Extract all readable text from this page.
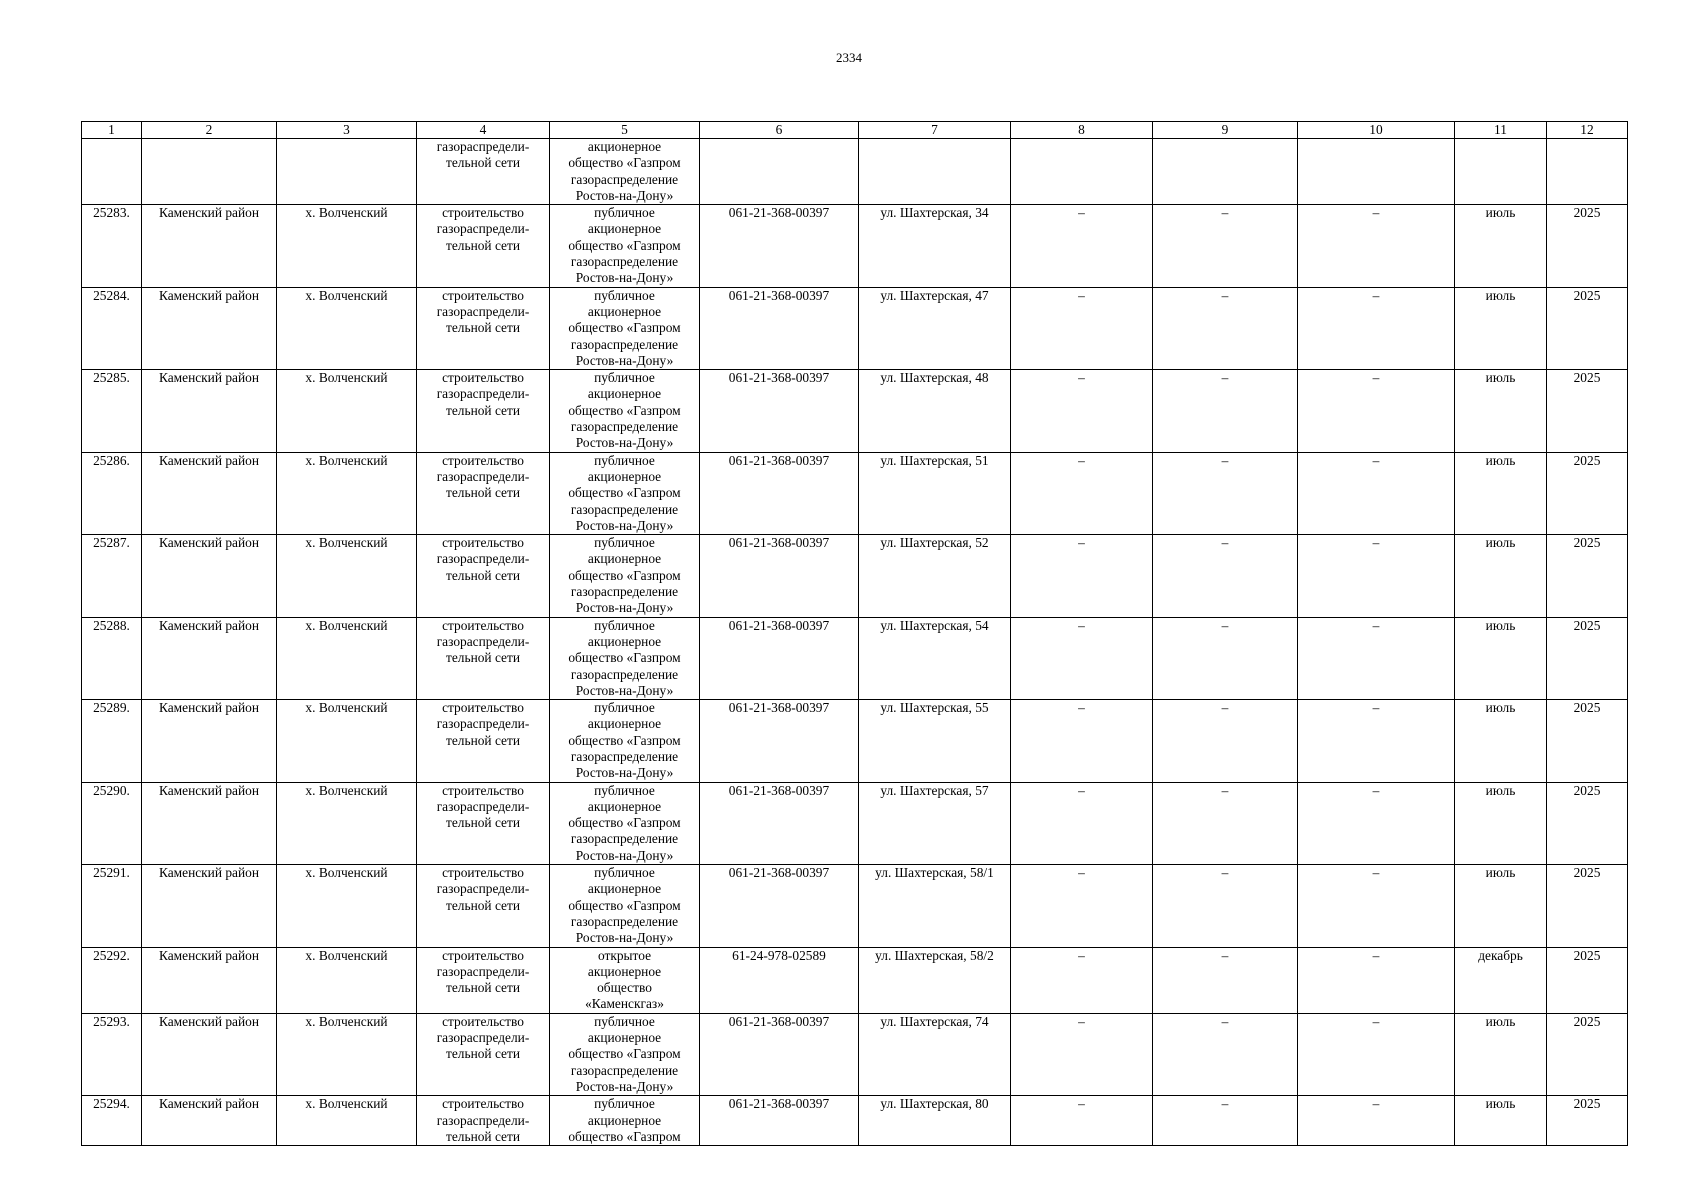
2334
1	2	3	4	5	6	7	8	9	10	11	12

			газораспредели-
тельной сети	акционерное
общество «Газпром
газораспределение
Ростов-на-Дону»							

25283.	Каменский район	х. Волченский	строительство
газораспредели-
тельной сети	публичное
акционерное
общество «Газпром
газораспределение
Ростов-на-Дону»	061-21-368-00397	ул. Шахтерская, 34	–	–	–	июль	2025

25284.	Каменский район	х. Волченский	строительство
газораспредели-
тельной сети	публичное
акционерное
общество «Газпром
газораспределение
Ростов-на-Дону»	061-21-368-00397	ул. Шахтерская, 47	–	–	–	июль	2025

25285.	Каменский район	х. Волченский	строительство
газораспредели-
тельной сети	публичное
акционерное
общество «Газпром
газораспределение
Ростов-на-Дону»	061-21-368-00397	ул. Шахтерская, 48	–	–	–	июль	2025

25286.	Каменский район	х. Волченский	строительство
газораспредели-
тельной сети	публичное
акционерное
общество «Газпром
газораспределение
Ростов-на-Дону»	061-21-368-00397	ул. Шахтерская, 51	–	–	–	июль	2025

25287.	Каменский район	х. Волченский	строительство
газораспредели-
тельной сети	публичное
акционерное
общество «Газпром
газораспределение
Ростов-на-Дону»	061-21-368-00397	ул. Шахтерская, 52	–	–	–	июль	2025

25288.	Каменский район	х. Волченский	строительство
газораспредели-
тельной сети	публичное
акционерное
общество «Газпром
газораспределение
Ростов-на-Дону»	061-21-368-00397	ул. Шахтерская, 54	–	–	–	июль	2025

25289.	Каменский район	х. Волченский	строительство
газораспредели-
тельной сети	публичное
акционерное
общество «Газпром
газораспределение
Ростов-на-Дону»	061-21-368-00397	ул. Шахтерская, 55	–	–	–	июль	2025

25290.	Каменский район	х. Волченский	строительство
газораспредели-
тельной сети	публичное
акционерное
общество «Газпром
газораспределение
Ростов-на-Дону»	061-21-368-00397	ул. Шахтерская, 57	–	–	–	июль	2025

25291.	Каменский район	х. Волченский	строительство
газораспредели-
тельной сети	публичное
акционерное
общество «Газпром
газораспределение
Ростов-на-Дону»	061-21-368-00397	ул. Шахтерская, 58/1	–	–	–	июль	2025

25292.	Каменский район	х. Волченский	строительство
газораспредели-
тельной сети	открытое
акционерное
общество
«Каменскгаз»	61-24-978-02589	ул. Шахтерская, 58/2	–	–	–	декабрь	2025

25293.	Каменский район	х. Волченский	строительство
газораспредели-
тельной сети	публичное
акционерное
общество «Газпром
газораспределение
Ростов-на-Дону»	061-21-368-00397	ул. Шахтерская, 74	–	–	–	июль	2025

25294.	Каменский район	х. Волченский	строительство
газораспредели-
тельной сети	публичное
акционерное
общество «Газпром	061-21-368-00397	ул. Шахтерская, 80	–	–	–	июль	2025
